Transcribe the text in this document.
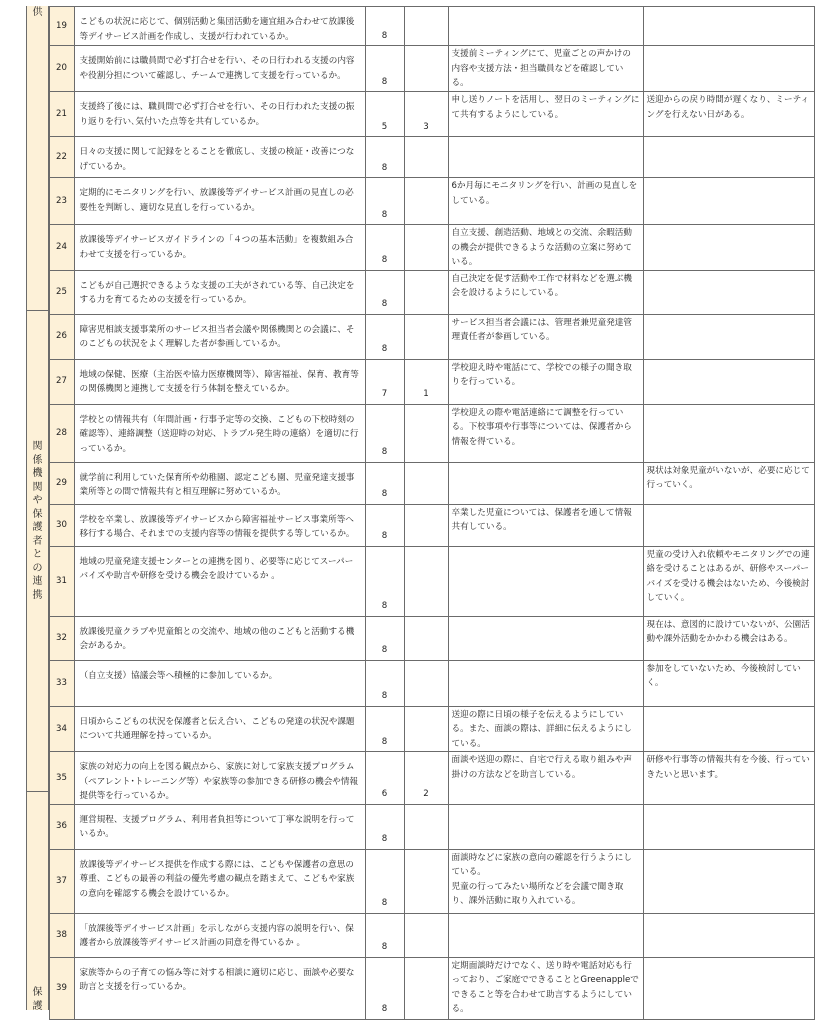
供
関
係
機
関
や
保
護
者
と
の
連
携
保
護

	19	こどもの状況に応じて、個別活動と集団活動を適宜組み合わせて放課後等デイサービス計画を作成し、支援が行われているか。	8			

	20	支援開始前には職員間で必ず打合せを行い、その日行われる支援の内容や役割分担について確認し、チームで連携して支援を行っているか。	8		支援前ミーティングにて、児童ごとの声かけの内容や支援方法・担当職員などを確認している。	

	21	支援終了後には、職員間で必ず打合せを行い、その日行われた支援の振り返りを行い､気付いた点等を共有しているか。	5	3	申し送りノートを活用し、翌日のミーティングにて共有するようにしている。	送迎からの戻り時間が遅くなり、ミーティングを行えない日がある。

	22	日々の支援に関して記録をとることを徹底し、支援の検証・改善につなげているか。	8			

	23	定期的にモニタリングを行い、放課後等デイサービス計画の見直しの必要性を判断し、適切な見直しを行っているか。	8		6か月毎にモニタリングを行い、計画の見直しをしている。	

	24	放課後等デイサービスガイドラインの「４つの基本活動」を複数組み合わせて支援を行っているか。	8		自立支援、創造活動、地域との交流、余暇活動の機会が提供できるような活動の立案に努めている。	

	25	こどもが自己選択できるような支援の工夫がされている等、自己決定をする力を育てるための支援を行っているか。	8		自己決定を促す活動や工作で材料などを選ぶ機会を設けるようにしている。	

	26	障害児相談支援事業所のサービス担当者会議や関係機関との会議に、そのこどもの状況をよく理解した者が参画しているか。	8		サービス担当者会議には、管理者兼児童発達管理責任者が参画している。	

	27	地域の保健、医療（主治医や協力医療機関等）、障害福祉、保育、教育等の関係機関と連携して支援を行う体制を整えているか。	7	1	学校迎え時や電話にて、学校での様子の聞き取りを行っている。	

	28	学校との情報共有（年間計画・行事予定等の交換、こどもの下校時刻の確認等）、連絡調整（送迎時の対応、トラブル発生時の連絡）を適切に行っているか。	8		学校迎えの際や電話連絡にて調整を行っている。下校事項や行事等については、保護者から情報を得ている。	

	29	就学前に利用していた保育所や幼稚園、認定こども園、児童発達支援事業所等との間で情報共有と相互理解に努めているか。	8			現状は対象児童がいないが、必要に応じて行っていく。

	30	学校を卒業し、放課後等デイサービスから障害福祉サービス事業所等へ移行する場合、それまでの支援内容等の情報を提供する等しているか。	8		卒業した児童については、保護者を通して情報共有している。	

	31	地域の児童発達支援センターとの連携を図り、必要等に応じてスーパーバイズや助言や研修を受ける機会を設けているか 。	8			児童の受け入れ依頼やモニタリングでの連絡を受けることはあるが、研修やスーパーバイズを受ける機会はないため、今後検討していく。

	32	放課後児童クラブや児童館との交流や、地域の他のこどもと活動する機会があるか。	8			現在は、意図的に設けていないが、公園活動や課外活動をかかわる機会はある。

	33	（自立支援）協議会等へ積極的に参加しているか。	8			参加をしていないため、今後検討していく。

	34	日頃からこどもの状況を保護者と伝え合い、こどもの発達の状況や課題について共通理解を持っているか。	8		送迎の際に日頃の様子を伝えるようにしている。また、面談の際は、詳細に伝えるようにしている。	

	35	家族の対応力の向上を図る観点から、家族に対して家族支援プログラム（ペアレント･トレーニング等）や家族等の参加できる研修の機会や情報提供等を行っているか。	6	2	面談や送迎の際に、自宅で行える取り組みや声掛けの方法などを助言している。	研修や行事等の情報共有を今後、行っていきたいと思います。

	36	運営規程、支援プログラム、利用者負担等について丁寧な説明を行っているか。	8			

	37	放課後等デイサービス提供を作成する際には、こどもや保護者の意思の尊重、こどもの最善の利益の優先考慮の観点を踏まえて、こどもや家族の意向を確認する機会を設けているか。	8		面談時などに家族の意向の確認を行うようにしている。
児童の行ってみたい場所などを会議で聞き取り、課外活動に取り入れている。	

	38	「放課後等デイサービス計画」を示しながら支援内容の説明を行い、保護者から放課後等デイサービス計画の同意を得ているか 。	8			

	39	家族等からの子育ての悩み等に対する相談に適切に応じ、面談や必要な助言と支援を行っているか。	8		定期面談時だけでなく、送り時や電話対応も行っており、ご家庭でできることとGreenappleでできること等を合わせて助言するようにしている。	
